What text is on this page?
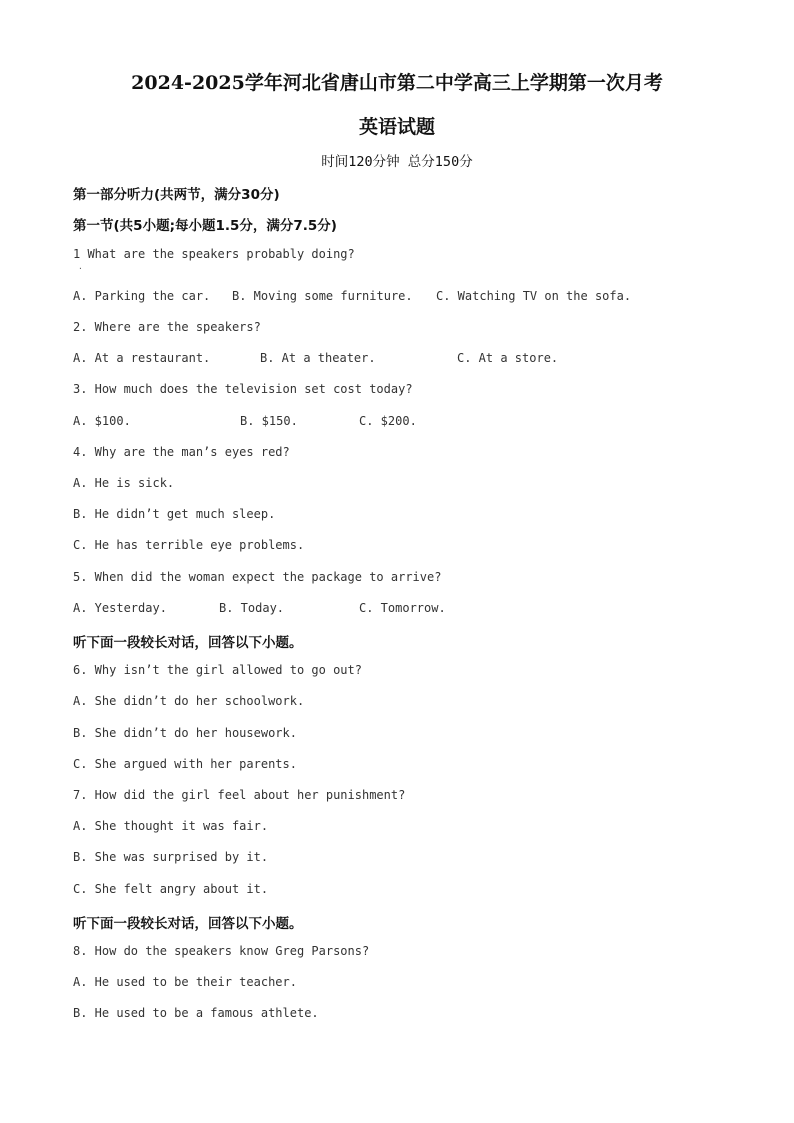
2024-2025学年河北省唐山市第二中学高三上学期第一次月考
英语试题
时间120分钟 总分150分
第一部分听力(共两节，满分30分)
第一节(共5小题;每小题1.5分，满分7.5分)
1 What are the speakers probably doing?
·
A. Parking the car. B. Moving some furniture. C. Watching TV on the sofa.
2. Where are the speakers?
A. At a restaurant.	B. At a theater.	C. At a store.
3. How much does the television set cost today?
A. $100.	B. $150.	C. $200.
4. Why are the man’s eyes red?
A. He is sick.
B. He didn’t get much sleep.
C. He has terrible eye problems.
5. When did the woman expect the package to arrive?
A. Yesterday.	B. Today.	C. Tomorrow.
听下面一段较长对话，回答以下小题。
6. Why isn’t the girl allowed to go out?
A. She didn’t do her schoolwork.
B. She didn’t do her housework.
C. She argued with her parents.
7. How did the girl feel about her punishment?
A. She thought it was fair.
B. She was surprised by it.
C. She felt angry about it.
听下面一段较长对话，回答以下小题。
8. How do the speakers know Greg Parsons?
A. He used to be their teacher.
B. He used to be a famous athlete.
